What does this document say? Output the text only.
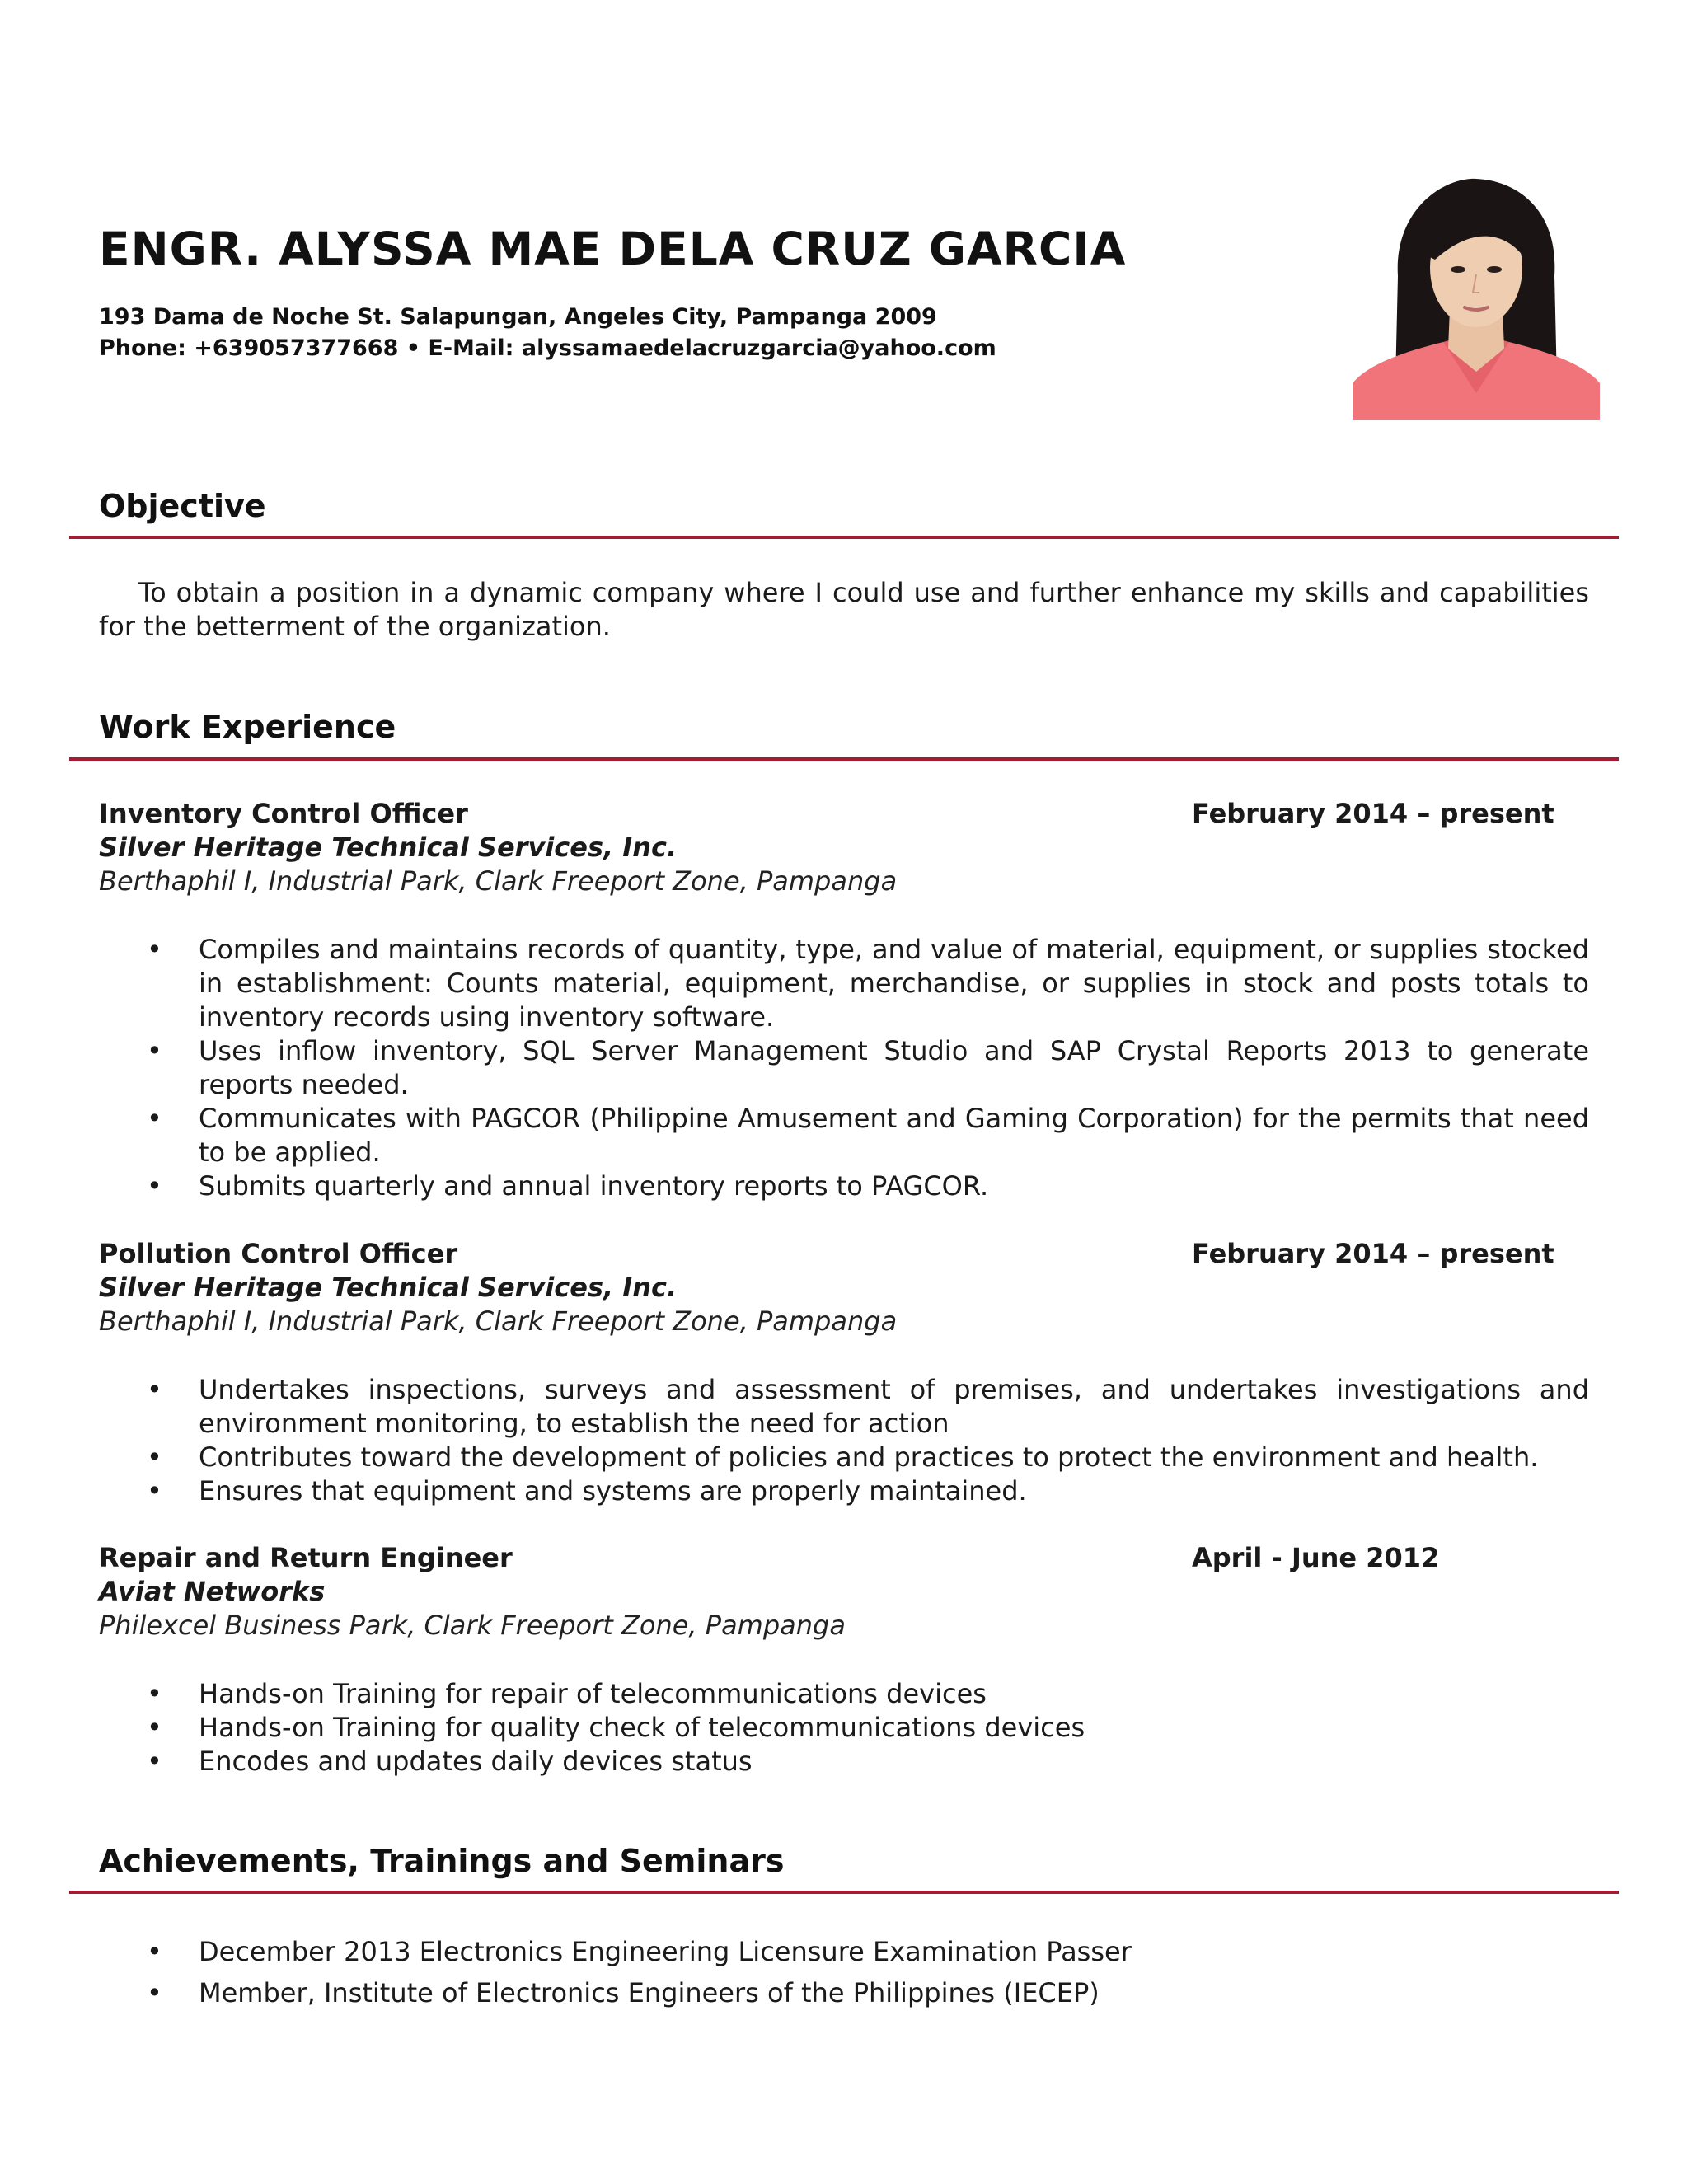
ENGR. ALYSSA MAE DELA CRUZ GARCIA
193 Dama de Noche St. Salapungan, Angeles City, Pampanga 2009
Phone: +639057377668 • E-Mail: alyssamaedelacruzgarcia@yahoo.com
Objective

To obtain a position in a dynamic company where I could use and further enhance my skills and capabilities for the betterment of the organization.

Work Experience
Inventory Control Officer	February 2014 – present
Silver Heritage Technical Services, Inc.
Berthaphil I, Industrial Park, Clark Freeport Zone, Pampanga
• Compiles and maintains records of quantity, type, and value of material, equipment, or supplies stocked in establishment: Counts material, equipment, merchandise, or supplies in stock and posts totals to inventory records using inventory software.
• Uses inflow inventory, SQL Server Management Studio and SAP Crystal Reports 2013 to generate reports needed.
• Communicates with PAGCOR (Philippine Amusement and Gaming Corporation) for the permits that need to be applied.
• Submits quarterly and annual inventory reports to PAGCOR.
Pollution Control Officer	February 2014 – present
Silver Heritage Technical Services, Inc.
Berthaphil I, Industrial Park, Clark Freeport Zone, Pampanga
• Undertakes inspections, surveys and assessment of premises, and undertakes investigations and environment monitoring, to establish the need for action
• Contributes toward the development of policies and practices to protect the environment and health.
• Ensures that equipment and systems are properly maintained.
Repair and Return Engineer	April - June 2012
Aviat Networks
Philexcel Business Park, Clark Freeport Zone, Pampanga
• Hands-on Training for repair of telecommunications devices
• Hands-on Training for quality check of telecommunications devices
• Encodes and updates daily devices status
Achievements, Trainings and Seminars
• December 2013 Electronics Engineering Licensure Examination Passer
• Member, Institute of Electronics Engineers of the Philippines (IECEP)
